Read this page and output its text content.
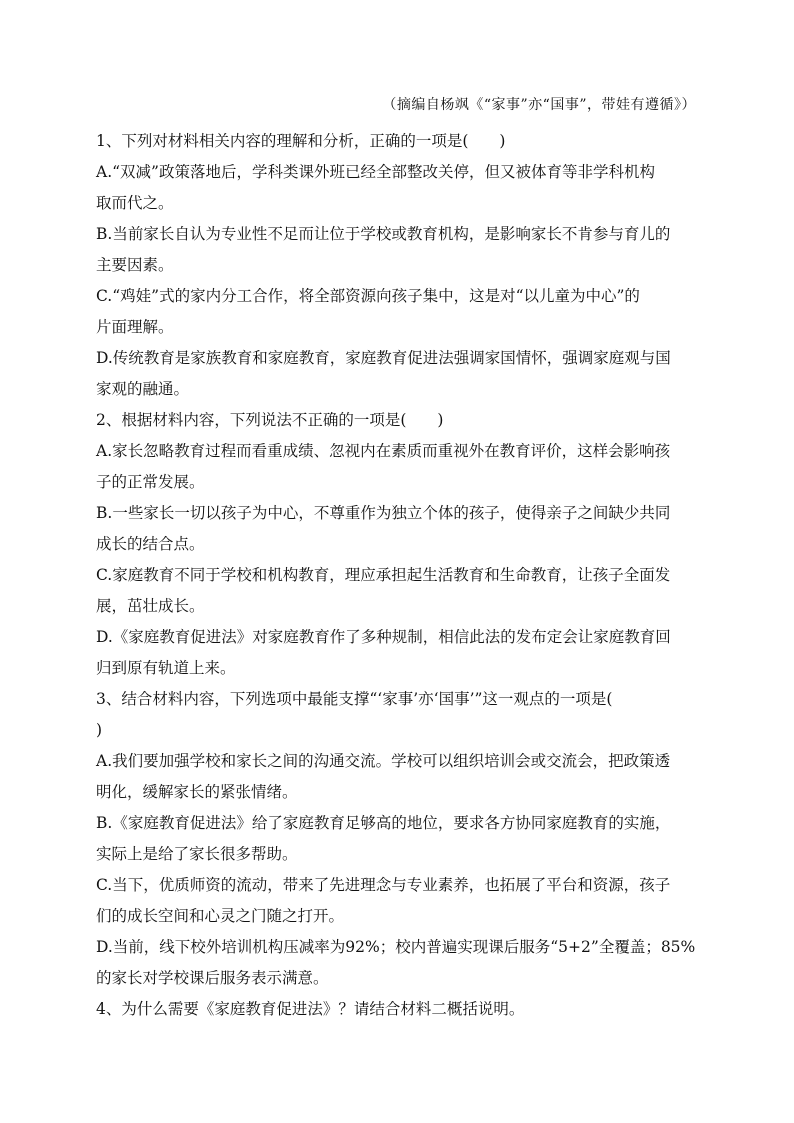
（摘编自杨飒《“家事”亦“国事”，带娃有遵循》）
1、下列对材料相关内容的理解和分析，正确的一项是(　　)
A.“双减”政策落地后，学科类课外班已经全部整改关停，但又被体育等非学科机构
取而代之。
B.当前家长自认为专业性不足而让位于学校或教育机构，是影响家长不肯参与育儿的
主要因素。
C.“鸡娃”式的家内分工合作，将全部资源向孩子集中，这是对“以儿童为中心”的
片面理解。
D.传统教育是家族教育和家庭教育，家庭教育促进法强调家国情怀，强调家庭观与国
家观的融通。
2、根据材料内容，下列说法不正确的一项是(　　)
A.家长忽略教育过程而看重成绩、忽视内在素质而重视外在教育评价，这样会影响孩
子的正常发展。
B.一些家长一切以孩子为中心，不尊重作为独立个体的孩子，使得亲子之间缺少共同
成长的结合点。
C.家庭教育不同于学校和机构教育，理应承担起生活教育和生命教育，让孩子全面发
展，茁壮成长。
D.《家庭教育促进法》对家庭教育作了多种规制，相信此法的发布定会让家庭教育回
归到原有轨道上来。
3、结合材料内容，下列选项中最能支撑“‘家事’亦‘国事’”这一观点的一项是(
)
A.我们要加强学校和家长之间的沟通交流。学校可以组织培训会或交流会，把政策透
明化，缓解家长的紧张情绪。
B.《家庭教育促进法》给了家庭教育足够高的地位，要求各方协同家庭教育的实施，
实际上是给了家长很多帮助。
C.当下，优质师资的流动，带来了先进理念与专业素养，也拓展了平台和资源，孩子
们的成长空间和心灵之门随之打开。
D.当前，线下校外培训机构压减率为92%；校内普遍实现课后服务“5+2”全覆盖；85%
的家长对学校课后服务表示满意。
4、为什么需要《家庭教育促进法》？请结合材料二概括说明。
